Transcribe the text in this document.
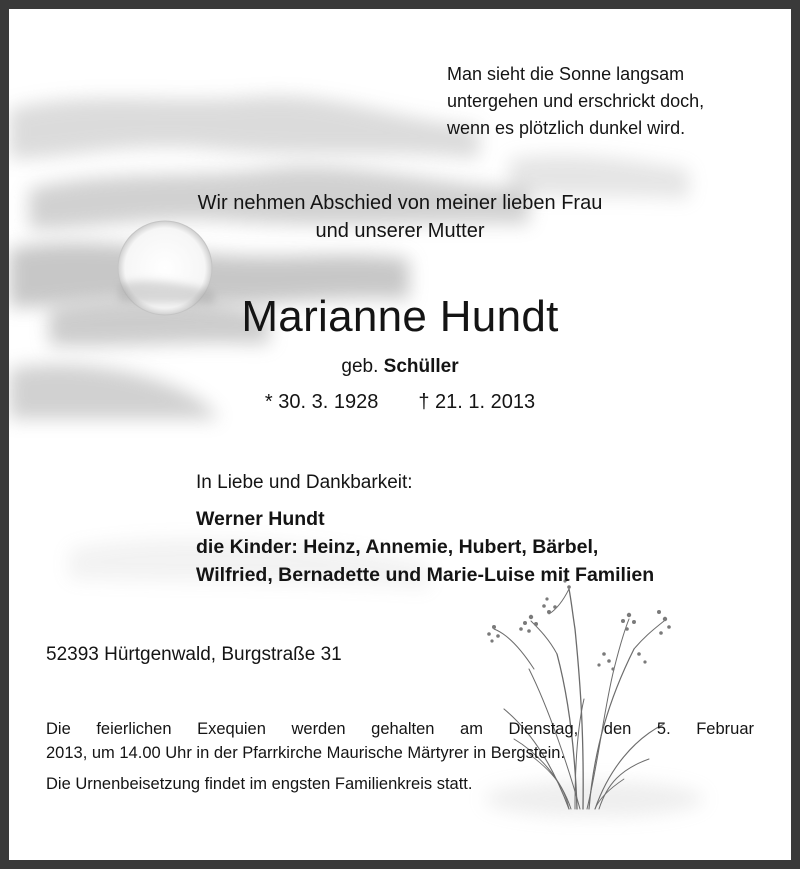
Man sieht die Sonne langsam
untergehen und erschrickt doch,
wenn es plötzlich dunkel wird.
Wir nehmen Abschied von meiner lieben Frau
und unserer Mutter
Marianne Hundt
geb. Schüller
* 30. 3. 1928 † 21. 1. 2013
In Liebe und Dankbarkeit:
Werner Hundt
die Kinder: Heinz, Annemie, Hubert, Bärbel,
Wilfried, Bernadette und Marie-Luise mit Familien
52393 Hürtgenwald, Burgstraße 31

Die feierlichen Exequien werden gehalten am Dienstag, den 5. Februar

2013, um 14.00 Uhr in der Pfarrkirche Maurische Märtyrer in Bergstein.

Die Urnenbeisetzung findet im engsten Familienkreis statt.
